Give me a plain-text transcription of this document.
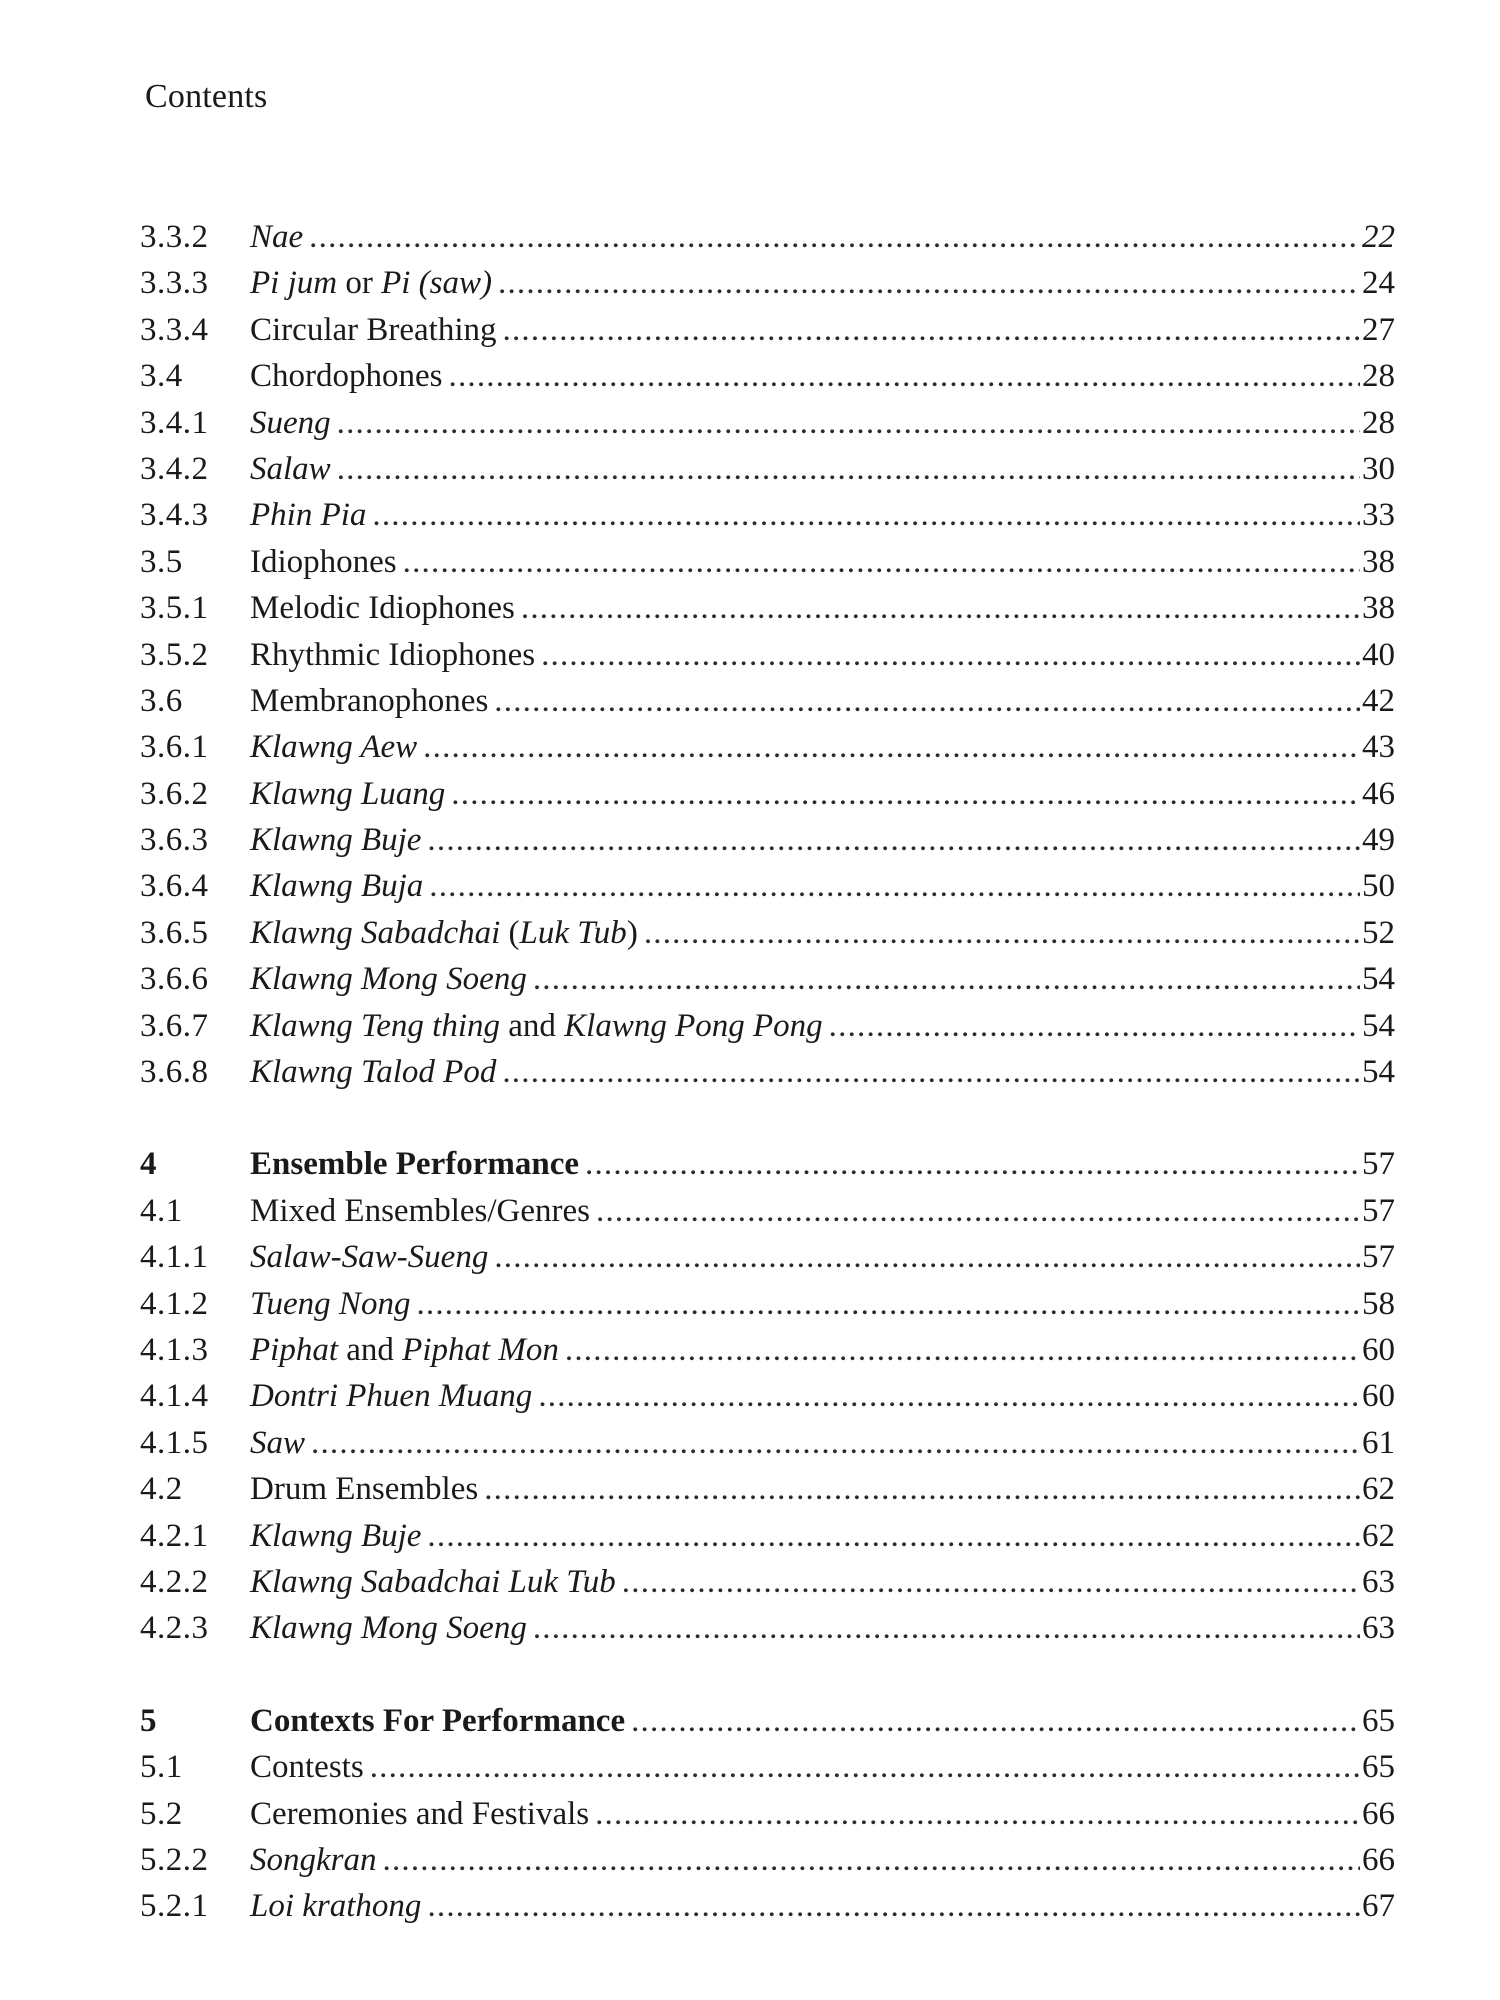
Contents
3.3.2	Nae .....	22
3.3.3	Pi jum or Pi (saw) .....	24
3.3.4	Circular Breathing .....	27
3.4	Chordophones .....	28
3.4.1	Sueng .....	28
3.4.2	Salaw .....	30
3.4.3	Phin Pia .....	33
3.5	Idiophones .....	38
3.5.1	Melodic Idiophones .....	38
3.5.2	Rhythmic Idiophones .....	40
3.6	Membranophones .....	42
3.6.1	Klawng Aew .....	43
3.6.2	Klawng Luang .....	46
3.6.3	Klawng Buje .....	49
3.6.4	Klawng Buja .....	50
3.6.5	Klawng Sabadchai (Luk Tub) .....	52
3.6.6	Klawng Mong Soeng .....	54
3.6.7	Klawng Teng thing and Klawng Pong Pong .....	54
3.6.8	Klawng Talod Pod .....	54
4	Ensemble Performance .....	57
4.1	Mixed Ensembles/Genres .....	57
4.1.1	Salaw-Saw-Sueng .....	57
4.1.2	Tueng Nong .....	58
4.1.3	Piphat and Piphat Mon .....	60
4.1.4	Dontri Phuen Muang .....	60
4.1.5	Saw .....	61
4.2	Drum Ensembles .....	62
4.2.1	Klawng Buje .....	62
4.2.2	Klawng Sabadchai Luk Tub .....	63
4.2.3	Klawng Mong Soeng .....	63
5	Contexts For Performance .....	65
5.1	Contests .....	65
5.2	Ceremonies and Festivals .....	66
5.2.2	Songkran .....	66
5.2.1	Loi krathong .....	67
